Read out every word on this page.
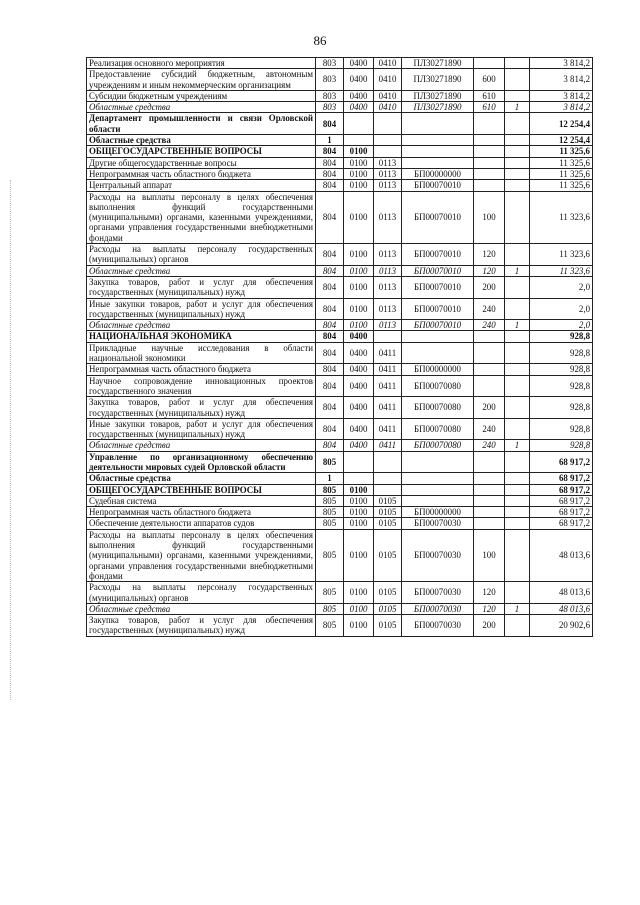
86
Реализация основного мероприятия	803	0400	0410	ПЛ30271890			3 814,2
Предоставление субсидий бюджетным, автономным учреждениям и иным некоммерческим организациям	803	0400	0410	ПЛ30271890	600		3 814,2
Субсидии бюджетным учреждениям	803	0400	0410	ПЛ30271890	610		3 814,2
Областные средства	803	0400	0410	ПЛ30271890	610	1	3 814,2
Департамент промышленности и связи Орловской области	804						12 254,4
Областные средства	1						12 254,4
ОБЩЕГОСУДАРСТВЕННЫЕ ВОПРОСЫ	804	0100					11 325,6
Другие общегосударственные вопросы	804	0100	0113				11 325,6
Непрограммная часть областного бюджета	804	0100	0113	БП00000000			11 325,6
Центральный аппарат	804	0100	0113	БП00070010			11 325,6
Расходы на выплаты персоналу в целях обеспечения выполнения функций государственными (муниципальными) органами, казенными учреждениями, органами управления государственными внебюджетными фондами	804	0100	0113	БП00070010	100		11 323,6
Расходы на выплаты персоналу государственных (муниципальных) органов	804	0100	0113	БП00070010	120		11 323,6
Областные средства	804	0100	0113	БП00070010	120	1	11 323,6
Закупка товаров, работ и услуг для обеспечения государственных (муниципальных) нужд	804	0100	0113	БП00070010	200		2,0
Иные закупки товаров, работ и услуг для обеспечения государственных (муниципальных) нужд	804	0100	0113	БП00070010	240		2,0
Областные средства	804	0100	0113	БП00070010	240	1	2,0
НАЦИОНАЛЬНАЯ ЭКОНОМИКА	804	0400					928,8
Прикладные научные исследования в области национальной экономики	804	0400	0411				928,8
Непрограммная часть областного бюджета	804	0400	0411	БП00000000			928,8
Научное сопровождение инновационных проектов государственного значения	804	0400	0411	БП00070080			928,8
Закупка товаров, работ и услуг для обеспечения государственных (муниципальных) нужд	804	0400	0411	БП00070080	200		928,8
Иные закупки товаров, работ и услуг для обеспечения государственных (муниципальных) нужд	804	0400	0411	БП00070080	240		928,8
Областные средства	804	0400	0411	БП00070080	240	1	928,8
Управление по организационному обеспечению деятельности мировых судей Орловской области	805						68 917,2
Областные средства	1						68 917,2
ОБЩЕГОСУДАРСТВЕННЫЕ ВОПРОСЫ	805	0100					68 917,2
Судебная система	805	0100	0105				68 917,2
Непрограммная часть областного бюджета	805	0100	0105	БП00000000			68 917,2
Обеспечение деятельности аппаратов судов	805	0100	0105	БП00070030			68 917,2
Расходы на выплаты персоналу в целях обеспечения выполнения функций государственными (муниципальными) органами, казенными учреждениями, органами управления государственными внебюджетными фондами	805	0100	0105	БП00070030	100		48 013,6
Расходы на выплаты персоналу государственных (муниципальных) органов	805	0100	0105	БП00070030	120		48 013,6
Областные средства	805	0100	0105	БП00070030	120	1	48 013,6
Закупка товаров, работ и услуг для обеспечения государственных (муниципальных) нужд	805	0100	0105	БП00070030	200		20 902,6
